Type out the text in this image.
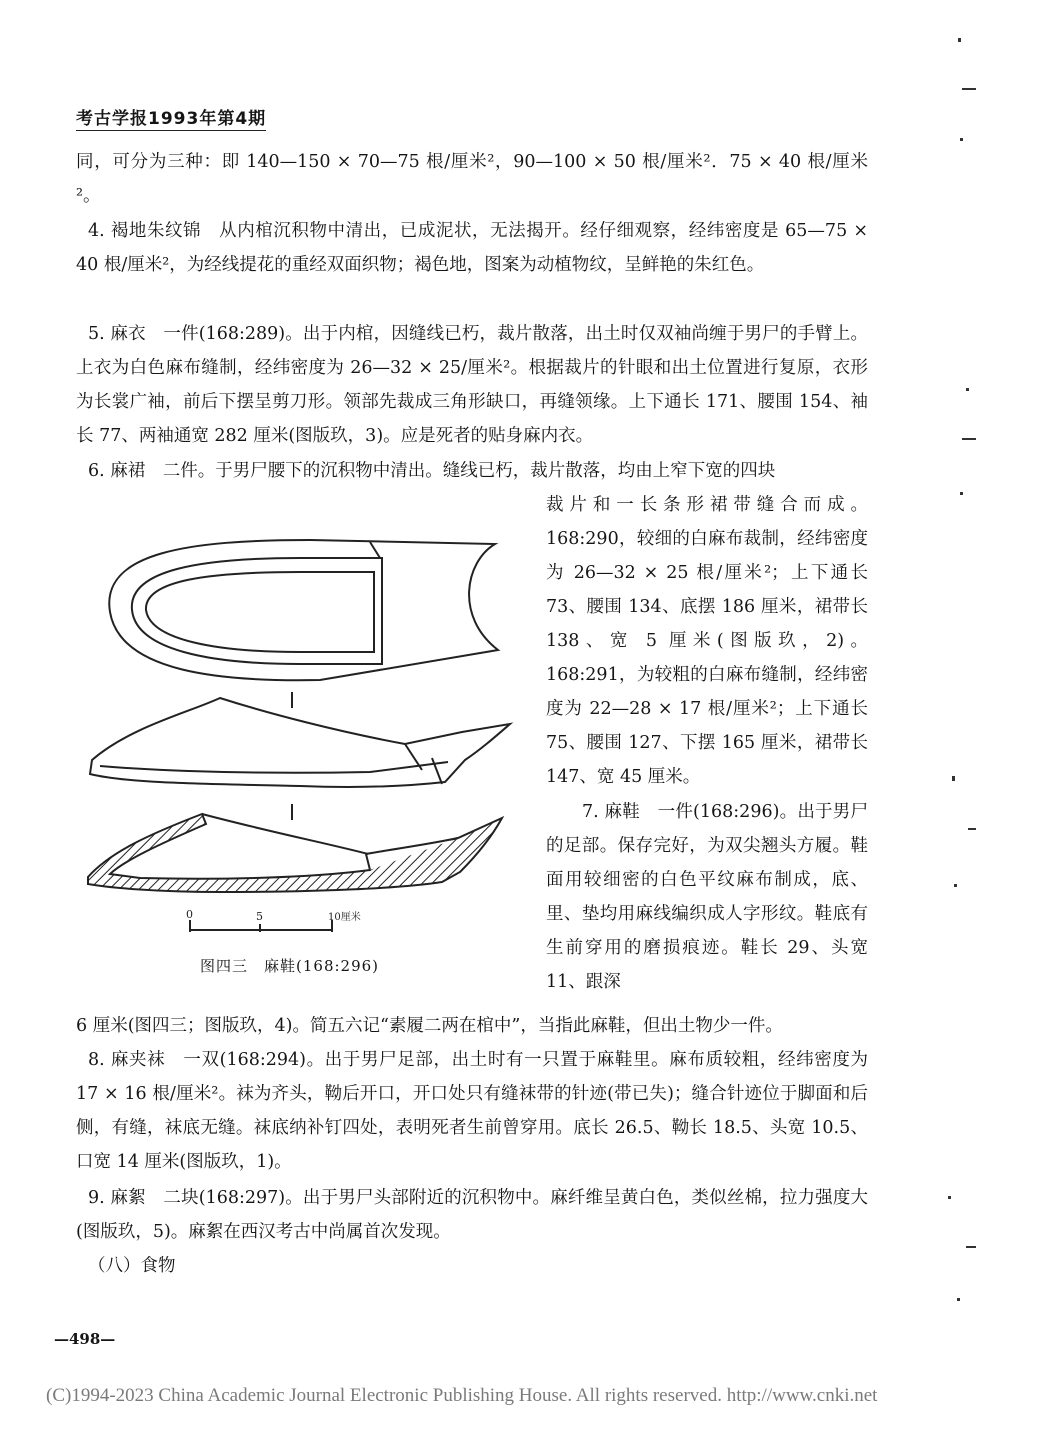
考古学报1993年第4期

同，可分为三种：即 140—150 × 70—75 根/厘米²，90—100 × 50 根/厘米²．75 × 40 根/厘米²。

4. 褐地朱纹锦　从内棺沉积物中清出，已成泥状，无法揭开。经仔细观察，经纬密度是 65—75 × 40 根/厘米²，为经线提花的重经双面织物；褐色地，图案为动植物纹，呈鲜艳的朱红色。

5. 麻衣　一件(168:289)。出于内棺，因缝线已朽，裁片散落，出土时仅双袖尚缠于男尸的手臂上。上衣为白色麻布缝制，经纬密度为 26—32 × 25/厘米²。根据裁片的针眼和出土位置进行复原，衣形为长裳广袖，前后下摆呈剪刀形。领部先裁成三角形缺口，再缝领缘。上下通长 171、腰围 154、袖长 77、两袖通宽 282 厘米(图版玖，3)。应是死者的贴身麻内衣。

6. 麻裙　二件。于男尸腰下的沉积物中清出。缝线已朽，裁片散落，均由上窄下宽的四块

裁片和一长条形裙带缝合而成。168:290，较细的白麻布裁制，经纬密度为 26—32 × 25 根/厘米²；上下通长 73、腰围 134、底摆 186 厘米，裙带长 138、宽 5 厘米(图版玖，2)。168:291，为较粗的白麻布缝制，经纬密度为 22—28 × 17 根/厘米²；上下通长 75、腰围 127、下摆 165 厘米，裙带长 147、宽 45 厘米。
7. 麻鞋　一件(168:296)。出于男尸的足部。保存完好，为双尖翘头方履。鞋面用较细密的白色平纹麻布制成，底、里、垫均用麻线编织成人字形纹。鞋底有生前穿用的磨损痕迹。鞋长 29、头宽 11、跟深
0	5	10厘米
图四三　麻鞋(168:296)

6 厘米(图四三；图版玖，4)。简五六记“素履二两在棺中”，当指此麻鞋，但出土物少一件。

8. 麻夹袜　一双(168:294)。出于男尸足部，出土时有一只置于麻鞋里。麻布质较粗，经纬密度为 17 × 16 根/厘米²。袜为齐头，靿后开口，开口处只有缝袜带的针迹(带已失)；缝合针迹位于脚面和后侧，有缝，袜底无缝。袜底纳补钉四处，表明死者生前曾穿用。底长 26.5、靿长 18.5、头宽 10.5、口宽 14 厘米(图版玖，1)。

9. 麻絮　二块(168:297)。出于男尸头部附近的沉积物中。麻纤维呈黄白色，类似丝棉，拉力强度大(图版玖，5)。麻絮在西汉考古中尚属首次发现。

（八）食物

—498—
(C)1994-2023 China Academic Journal Electronic Publishing House. All rights reserved. http://www.cnki.net
